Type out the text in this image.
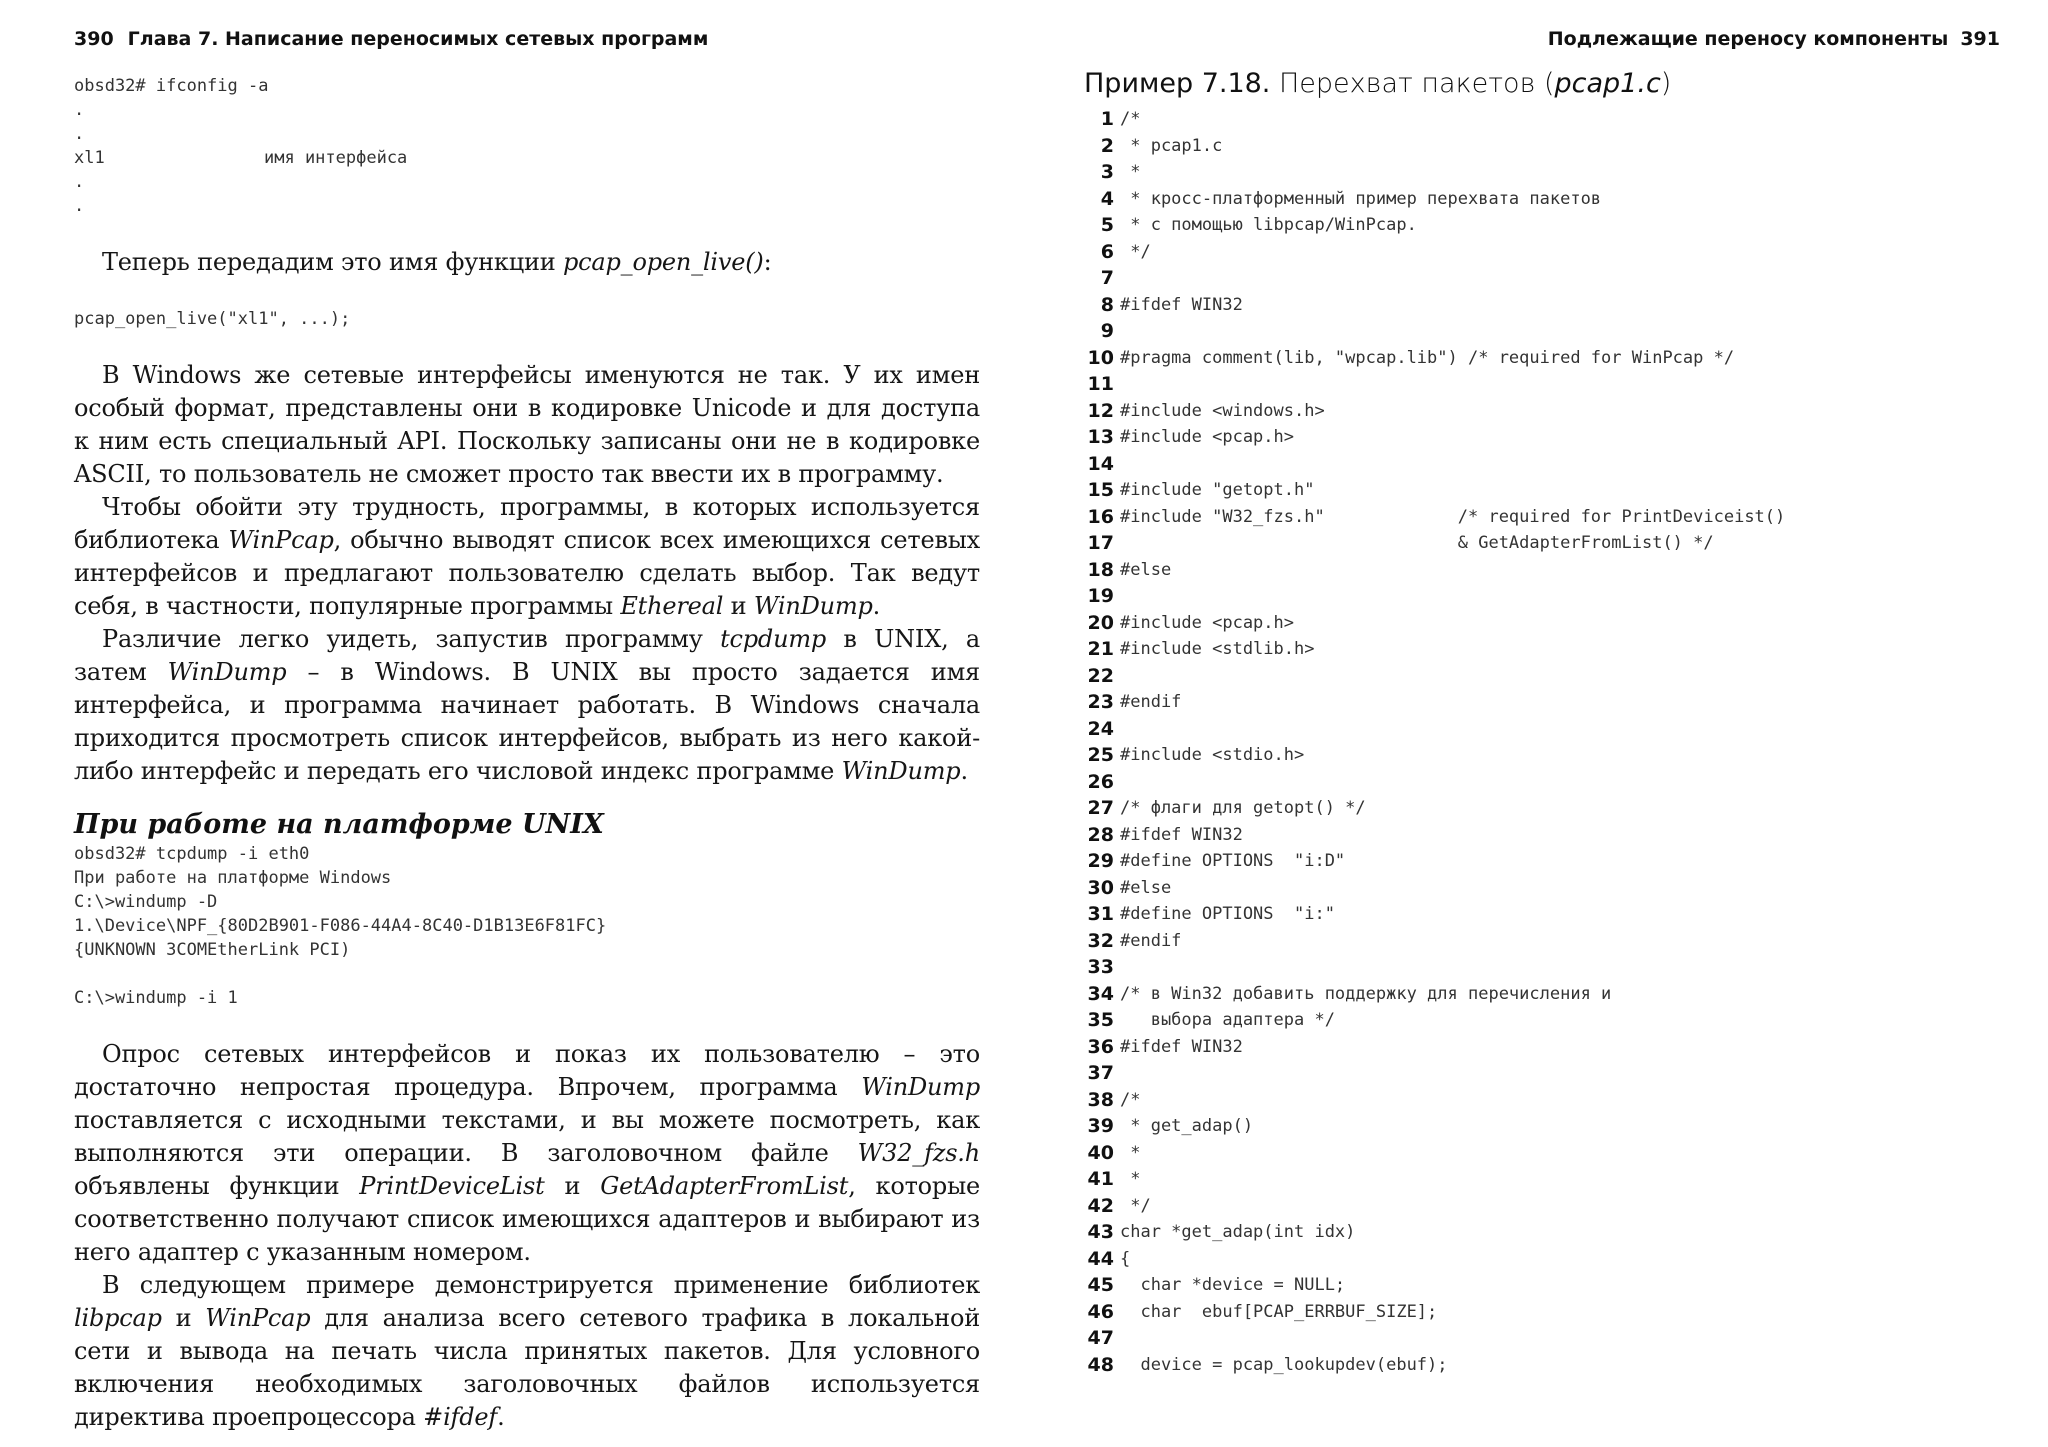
390 Глава 7. Написание переносимых сетевых программ
obsd32# ifconfig -a
.
.
xl1	имя интерфейса
.
.

Теперь передадим это имя функции pcap_open_live():

pcap_open_live("xl1", ...);

В Windows же сетевые интерфейсы именуются не так. У их имен особый формат, представлены они в кодировке Unicode и для доступа к ним есть специальный API. Поскольку записаны они не в кодировке ASCII, то пользователь не сможет просто так ввести их в программу.

Чтобы обойти эту трудность, программы, в которых используется библиотека WinPcap, обычно выводят список всех имеющихся сетевых интерфейсов и предлагают пользователю сделать выбор. Так ведут себя, в частности, популярные программы Ethereal и WinDump.

Различие легко уидеть, запустив программу tcpdump в UNIX, а затем WinDump – в Windows. В UNIX вы просто задается имя интерфейса, и программа начинает работать. В Windows сначала приходится просмотреть список интерфейсов, выбрать из него какой-либо интерфейс и передать его числовой индекс программе WinDump.

При работе на платформе UNIX
obsd32# tcpdump -i eth0
При работе на платформе Windows
C:\>windump -D
1.\Device\NPF_{80D2B901-F086-44A4-8C40-D1B13E6F81FC}
{UNKNOWN 3COMEtherLink PCI)

C:\>windump -i 1

Опрос сетевых интерфейсов и показ их пользователю – это достаточно непростая процедура. Впрочем, программа WinDump поставляется с исходными текстами, и вы можете посмотреть, как выполняются эти операции. В заголовочном файле W32_fzs.h объявлены функции PrintDeviceList и GetAdapterFromList, которые соответственно получают список имеющихся адаптеров и выбирают из него адаптер с указанным номером.

В следующем примере демонстрируется применение библиотек libpcap и WinPcap для анализа всего сетевого трафика в локальной сети и вывода на печать числа принятых пакетов. Для условного включения необходимых заголовочных файлов используется директива проепроцессора #ifdef.

Подлежащие переносу компоненты 391
Пример 7.18. Перехват пакетов (pcap1.c)
1	/*
2	* pcap1.c
3	*
4	* кросс-платформенный пример перехвата пакетов
5	* с помощью libpcap/WinPcap.
6	*/
7	
8	#ifdef WIN32
9	
10	#pragma comment(lib, "wpcap.lib") /* required for WinPcap */
11	
12	#include <windows.h>
13	#include <pcap.h>
14	
15	#include "getopt.h"
16	#include "W32_fzs.h"             /* required for PrintDeviceist()
17	& GetAdapterFromList() */
18	#else
19	
20	#include <pcap.h>
21	#include <stdlib.h>
22	
23	#endif
24	
25	#include <stdio.h>
26	
27	/* флаги для getopt() */
28	#ifdef WIN32
29	#define OPTIONS  "i:D"
30	#else
31	#define OPTIONS  "i:"
32	#endif
33	
34	/* в Win32 добавить поддержку для перечисления и
35	выбора адаптера */
36	#ifdef WIN32
37	
38	/*
39	* get_adap()
40	*
41	*
42	*/
43	char *get_adap(int idx)
44	{
45	char *device = NULL;
46	char  ebuf[PCAP_ERRBUF_SIZE];
47	
48	device = pcap_lookupdev(ebuf);
